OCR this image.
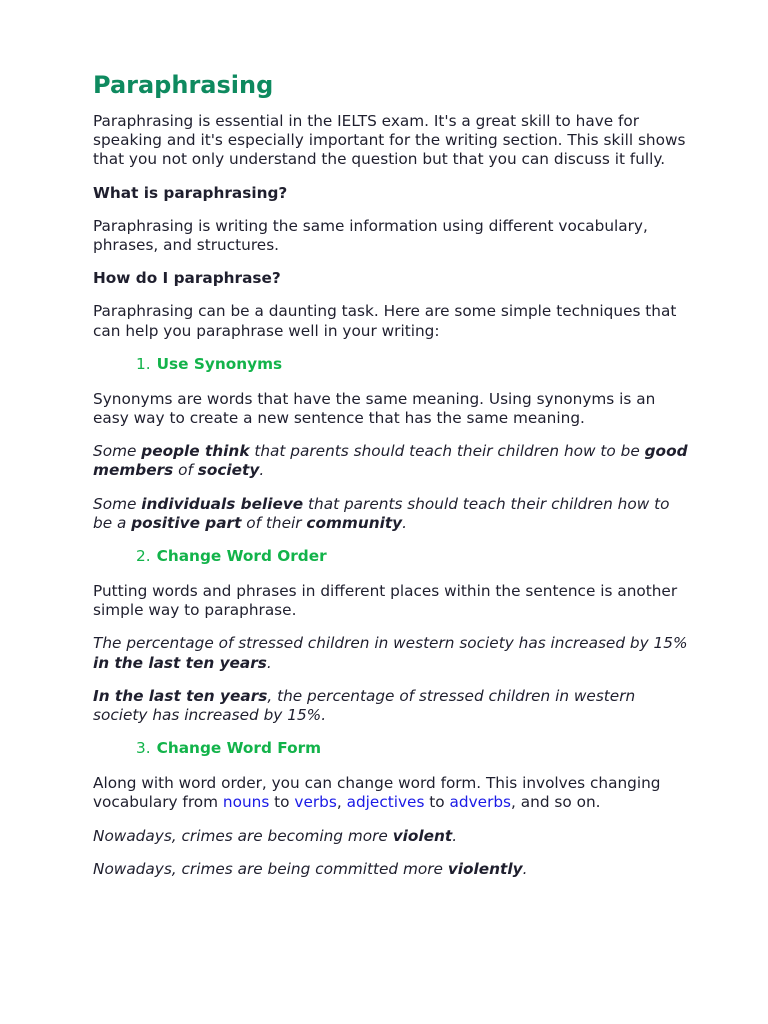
Paraphrasing

Paraphrasing is essential in the IELTS exam. It's a great skill to have for speaking and it's especially important for the writing section. This skill shows that you not only understand the question but that you can discuss it fully.

What is paraphrasing?

Paraphrasing is writing the same information using different vocabulary, phrases, and structures.

How do I paraphrase?

Paraphrasing can be a daunting task. Here are some simple techniques that can help you paraphrase well in your writing:

1. Use Synonyms

Synonyms are words that have the same meaning. Using synonyms is an easy way to create a new sentence that has the same meaning.

Some people think that parents should teach their children how to be good members of society.

Some individuals believe that parents should teach their children how to be a positive part of their community.

2. Change Word Order

Putting words and phrases in different places within the sentence is another simple way to paraphrase.

The percentage of stressed children in western society has increased by 15% in the last ten years.

In the last ten years, the percentage of stressed children in western society has increased by 15%.

3. Change Word Form

Along with word order, you can change word form. This involves changing vocabulary from nouns to verbs, adjectives to adverbs, and so on.

Nowadays, crimes are becoming more violent.

Nowadays, crimes are being committed more violently.
